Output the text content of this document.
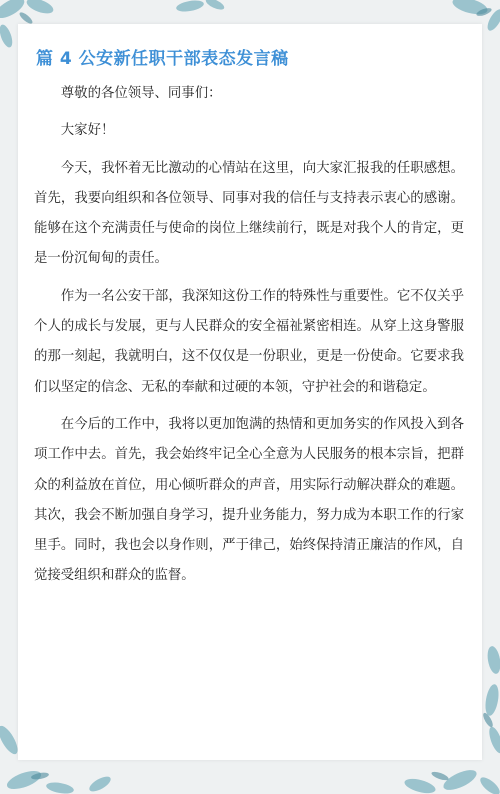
篇 4 公安新任职干部表态发言稿

尊敬的各位领导、同事们：

大家好！

今天，我怀着无比激动的心情站在这里，向大家汇报我的任职感想。首先，我要向组织和各位领导、同事对我的信任与支持表示衷心的感谢。能够在这个充满责任与使命的岗位上继续前行，既是对我个人的肯定，更是一份沉甸甸的责任。

作为一名公安干部，我深知这份工作的特殊性与重要性。它不仅关乎个人的成长与发展，更与人民群众的安全福祉紧密相连。从穿上这身警服的那一刻起，我就明白，这不仅仅是一份职业，更是一份使命。它要求我们以坚定的信念、无私的奉献和过硬的本领，守护社会的和谐稳定。

在今后的工作中，我将以更加饱满的热情和更加务实的作风投入到各项工作中去。首先，我会始终牢记全心全意为人民服务的根本宗旨，把群众的利益放在首位，用心倾听群众的声音，用实际行动解决群众的难题。其次，我会不断加强自身学习，提升业务能力，努力成为本职工作的行家里手。同时，我也会以身作则，严于律己，始终保持清正廉洁的作风，自觉接受组织和群众的监督。
